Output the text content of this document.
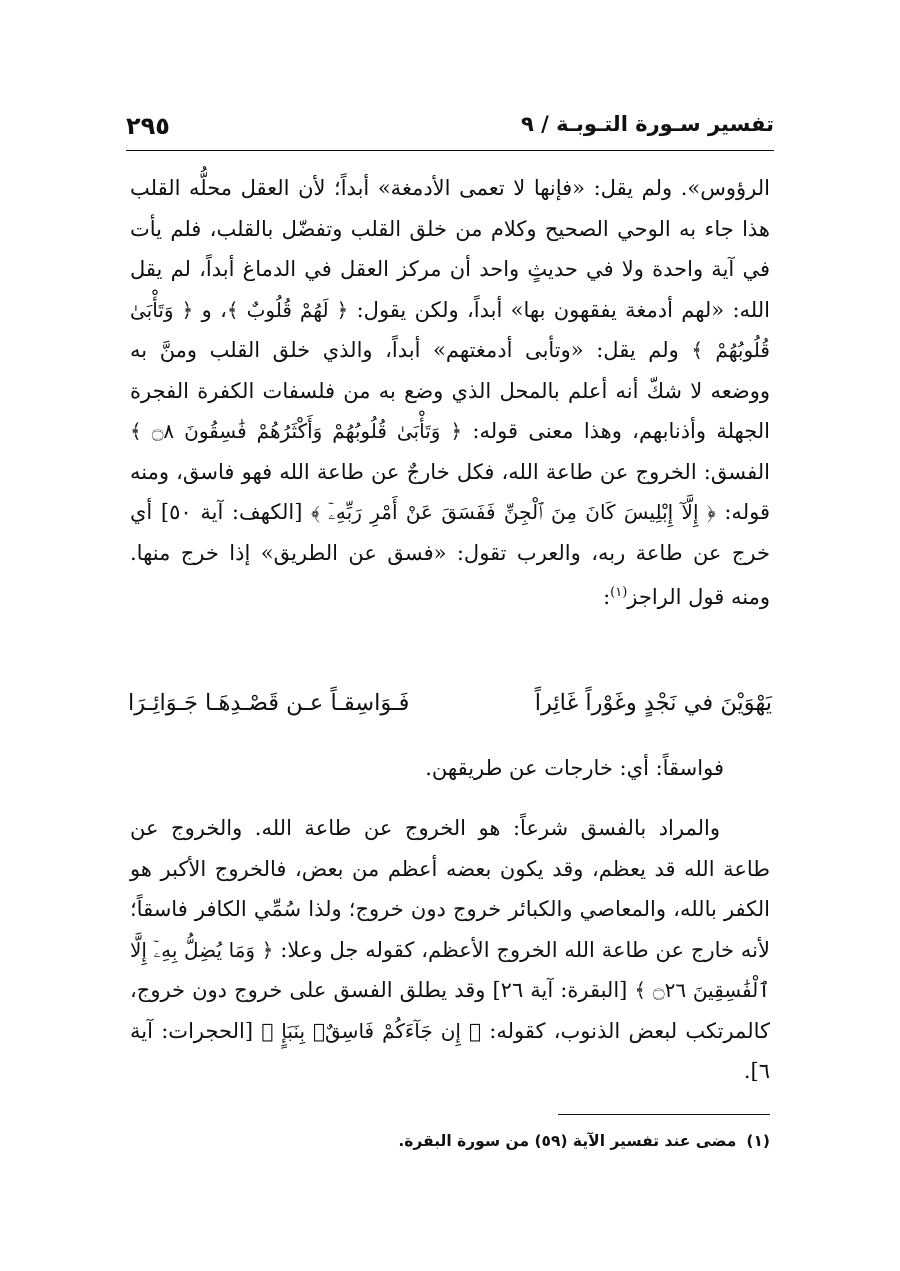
تفسير سـورة التـوبـة / ٩
٢٩٥

الرؤوس». ولم يقل: «فإنها لا تعمى الأدمغة» أبداً؛ لأن العقل محلُّه القلب هذا جاء به الوحي الصحيح وكلام من خلق القلب وتفضّل بالقلب، فلم يأت في آية واحدة ولا في حديثٍ واحد أن مركز العقل في الدماغ أبداً، لم يقل الله: «لهم أدمغة يفقهون بها» أبداً، ولكن يقول: ﴿ لَهُمْ قُلُوبٌ ﴾، و ﴿ وَتَأْبَىٰ قُلُوبُهُمْ ﴾ ولم يقل: «وتأبى أدمغتهم» أبداً، والذي خلق القلب ومنَّ به ووضعه لا شكّ أنه أعلم بالمحل الذي وضع به من فلسفات الكفرة الفجرة الجهلة وأذنابهم، وهذا معنى قوله: ﴿ وَتَأْبَىٰ قُلُوبُهُمْ وَأَكْثَرُهُمْ فَٰسِقُونَ ۝٨ ﴾ الفسق: الخروج عن طاعة الله، فكل خارجٌ عن طاعة الله فهو فاسق، ومنه قوله: ﴿ إِلَّآ إِبْلِيسَ كَانَ مِنَ ٱلْجِنِّ فَفَسَقَ عَنْ أَمْرِ رَبِّهِۦٓ ﴾ [الكهف: آية ٥٠] أي خرج عن طاعة ربه، والعرب تقول: «فسق عن الطريق» إذا خرج منها. ومنه قول الراجز$^{(١)}$:

يَهْوَيْنَ في نَجْدٍ وغَوْراً غَائِراً
فَـوَاسِقـاً عـن قَصْـدِهَـا جَـوَائِـرَا
فواسقاً: أي: خارجات عن طريقهن.

والمراد بالفسق شرعاً: هو الخروج عن طاعة الله. والخروج عن طاعة الله قد يعظم، وقد يكون بعضه أعظم من بعض، فالخروج الأكبر هو الكفر بالله، والمعاصي والكبائر خروج دون خروج؛ ولذا سُمِّي الكافر فاسقاً؛ لأنه خارج عن طاعة الله الخروج الأعظم، كقوله جل وعلا: ﴿ وَمَا يُضِلُّ بِهِۦٓ إِلَّا ٱلْفَٰسِقِينَ ۝٢٦ ﴾ [البقرة: آية ٢٦] وقد يطلق الفسق على خروج دون خروج، كالمرتكب لبعض الذنوب، كقوله: ﴿ إِن جَآءَكُمْ فَاسِقٌۢ بِنَبَإٍ ﴾ [الحجرات: آية ٦].

(١)مضى عند تفسير الآية (٥٩) من سورة البقرة.
